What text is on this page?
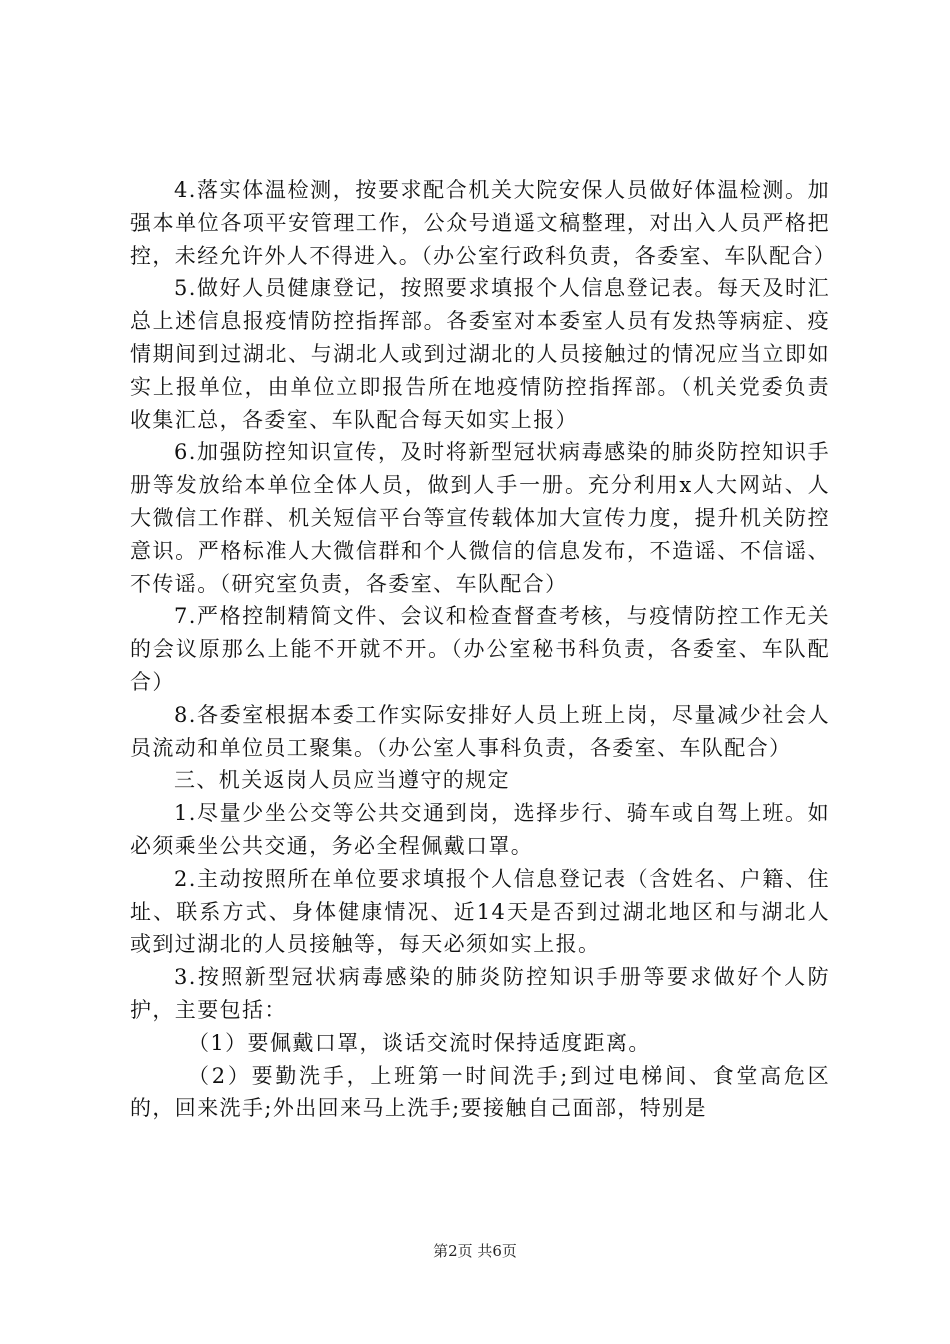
4.落实体温检测，按要求配合机关大院安保人员做好体温检测。加强本单位各项平安管理工作，公众号逍遥文稿整理，对出入人员严格把控，未经允许外人不得进入。（办公室行政科负责，各委室、车队配合）

5.做好人员健康登记，按照要求填报个人信息登记表。每天及时汇总上述信息报疫情防控指挥部。各委室对本委室人员有发热等病症、疫情期间到过湖北、与湖北人或到过湖北的人员接触过的情况应当立即如实上报单位，由单位立即报告所在地疫情防控指挥部。（机关党委负责收集汇总，各委室、车队配合每天如实上报）

6.加强防控知识宣传，及时将新型冠状病毒感染的肺炎防控知识手册等发放给本单位全体人员，做到人手一册。充分利用x人大网站、人大微信工作群、机关短信平台等宣传载体加大宣传力度，提升机关防控意识。严格标准人大微信群和个人微信的信息发布，不造谣、不信谣、不传谣。（研究室负责，各委室、车队配合）

7.严格控制精简文件、会议和检查督查考核，与疫情防控工作无关的会议原那么上能不开就不开。（办公室秘书科负责，各委室、车队配合）

8.各委室根据本委工作实际安排好人员上班上岗，尽量减少社会人员流动和单位员工聚集。（办公室人事科负责，各委室、车队配合）

三、机关返岗人员应当遵守的规定

1.尽量少坐公交等公共交通到岗，选择步行、骑车或自驾上班。如必须乘坐公共交通，务必全程佩戴口罩。

2.主动按照所在单位要求填报个人信息登记表（含姓名、户籍、住址、联系方式、身体健康情况、近14天是否到过湖北地区和与湖北人或到过湖北的人员接触等，每天必须如实上报。

3.按照新型冠状病毒感染的肺炎防控知识手册等要求做好个人防护，主要包括：

（1）要佩戴口罩，谈话交流时保持适度距离。

（2）要勤洗手，上班第一时间洗手;到过电梯间、食堂高危区的，回来洗手;外出回来马上洗手;要接触自己面部，特别是

第2页 共6页
